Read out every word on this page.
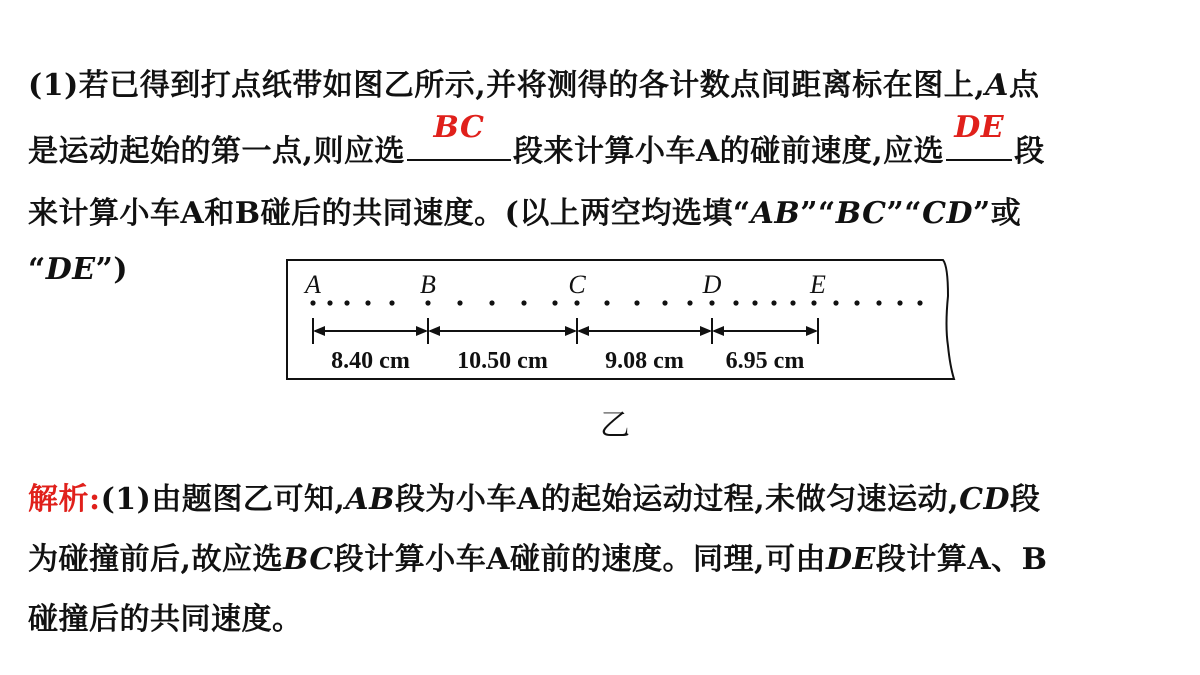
(1)若已得到打点纸带如图乙所示,并将测得的各计数点间距离标在图上,A点
是运动起始的第一点,则应选
BC
段来计算小车A的碰前速度,应选
DE
段
来计算小车A和B碰后的共同速度。(以上两空均选填“AB”“BC”“CD”或
“DE”)	A	B	C	D	E
8.40 cm 10.50 cm 9.08 cm 6.95 cm
乙
解析:(1)由题图乙可知,AB段为小车A的起始运动过程,未做匀速运动,CD段
为碰撞前后,故应选BC段计算小车A碰前的速度。同理,可由DE段计算A、B
碰撞后的共同速度。
